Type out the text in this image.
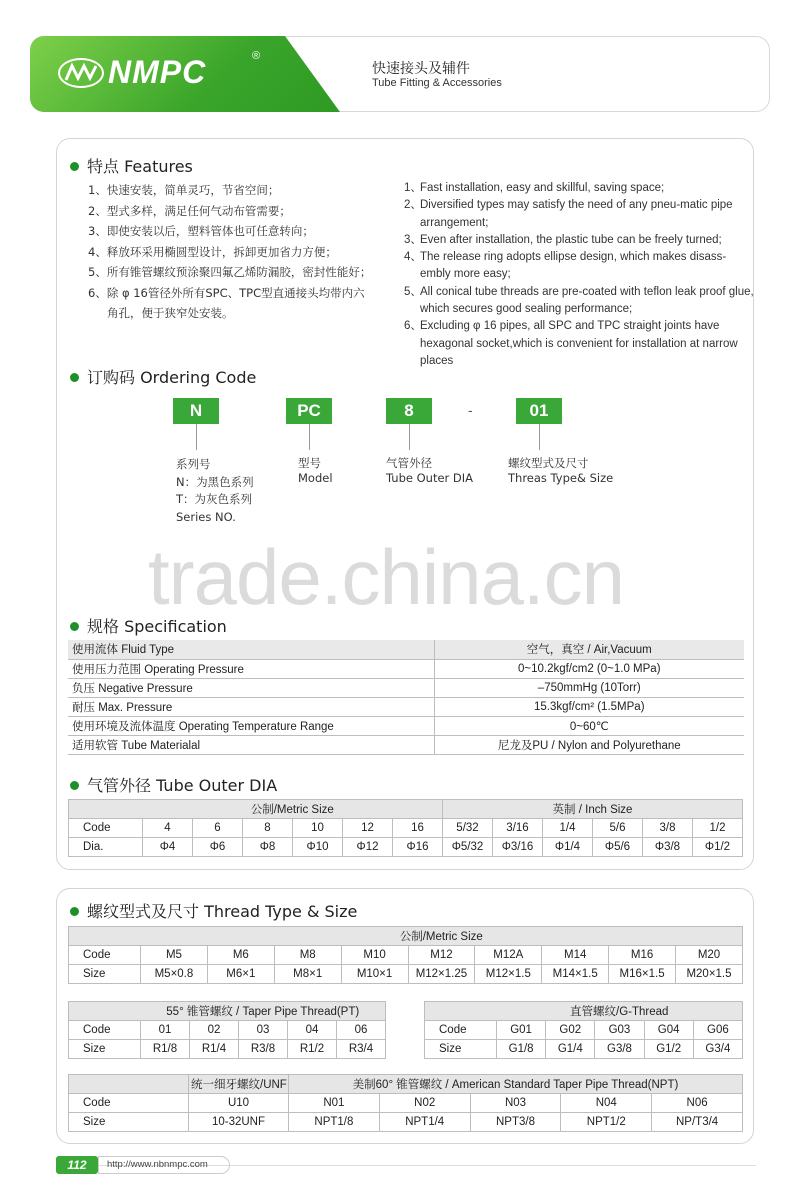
NMPC	®
快速接头及辅件
Tube Fitting & Accessories
特点 Features
1、快速安装，简单灵巧，节省空间；
2、型式多样，满足任何气动布管需要；
3、即使安装以后，塑料管体也可任意转向；
4、释放环采用椭圆型设计，拆卸更加省力方便；
5、所有锥管螺纹预涂聚四氟乙烯防漏胶，密封性能好；
6、除 φ 16管径外所有SPC、TPC型直通接头均带内六
角孔，便于狭窄处安装。
1、
Fast installation, easy and skillful, saving space;
2、
Diversified types may satisfy the need of any pneu-matic pipe arrangement;
3、
Even after installation, the plastic tube can be freely turned;
4、
The release ring adopts ellipse design, which makes disass-embly more easy;
5、
All conical tube threads are pre-coated with teflon leak proof glue, which secures good sealing performance;
6、
Excluding φ 16 pipes, all SPC and TPC straight joints have hexagonal socket,which is convenient for installation at narrow places
订购码 Ordering Code
N	PC	8	-	01
系列号
N：为黑色系列
T：为灰色系列
Series NO.
型号
Model
气管外径
Tube Outer DIA
螺纹型式及尺寸
Threas Type& Size
trade.china.cn
规格 Specification
使用流体 Fluid Type	空气，真空 / Air,Vacuum
使用压力范围 Operating Pressure	0~10.2kgf/cm2 (0~1.0 MPa)
负压 Negative Pressure	–750mmHg (10Torr)
耐压 Max. Pressure	15.3kgf/cm² (1.5MPa)
使用环境及流体温度 Operating Temperature Range	0~60℃
适用软管 Tube Materialal	尼龙及PU / Nylon and Polyurethane
气管外径 Tube Outer DIA
	公制/Metric Size						英制 / Inch Size					
Code	4	6	8	10	12	16	5/32	3/16	1/4	5/6	3/8	1/2
Dia.	Φ4	Φ6	Φ8	Φ10	Φ12	Φ16	Φ5/32	Φ3/16	Φ1/4	Φ5/6	Φ3/8	Φ1/2
螺纹型式及尺寸 Thread Type & Size
	公制/Metric Size								
Code	M5	M6	M8	M10	M12	M12A	M14	M16	M20
Size	M5×0.8	M6×1	M8×1	M10×1	M12×1.25	M12×1.5	M14×1.5	M16×1.5	M20×1.5
	55° 锥管螺纹 / Taper Pipe Thread(PT)				
Code	01	02	03	04	06
Size	R1/8	R1/4	R3/8	R1/2	R3/4
	直管螺纹/G-Thread				
Code	G01	G02	G03	G04	G06
Size	G1/8	G1/4	G3/8	G1/2	G3/4
	统一细牙螺纹/UNF	美制60° 锥管螺纹 / American Standard Taper Pipe Thread(NPT)				
Code	U10	N01	N02	N03	N04	N06
Size	10-32UNF	NPT1/8	NPT1/4	NPT3/8	NPT1/2	NP/T3/4
112	http://www.nbnmpc.com
